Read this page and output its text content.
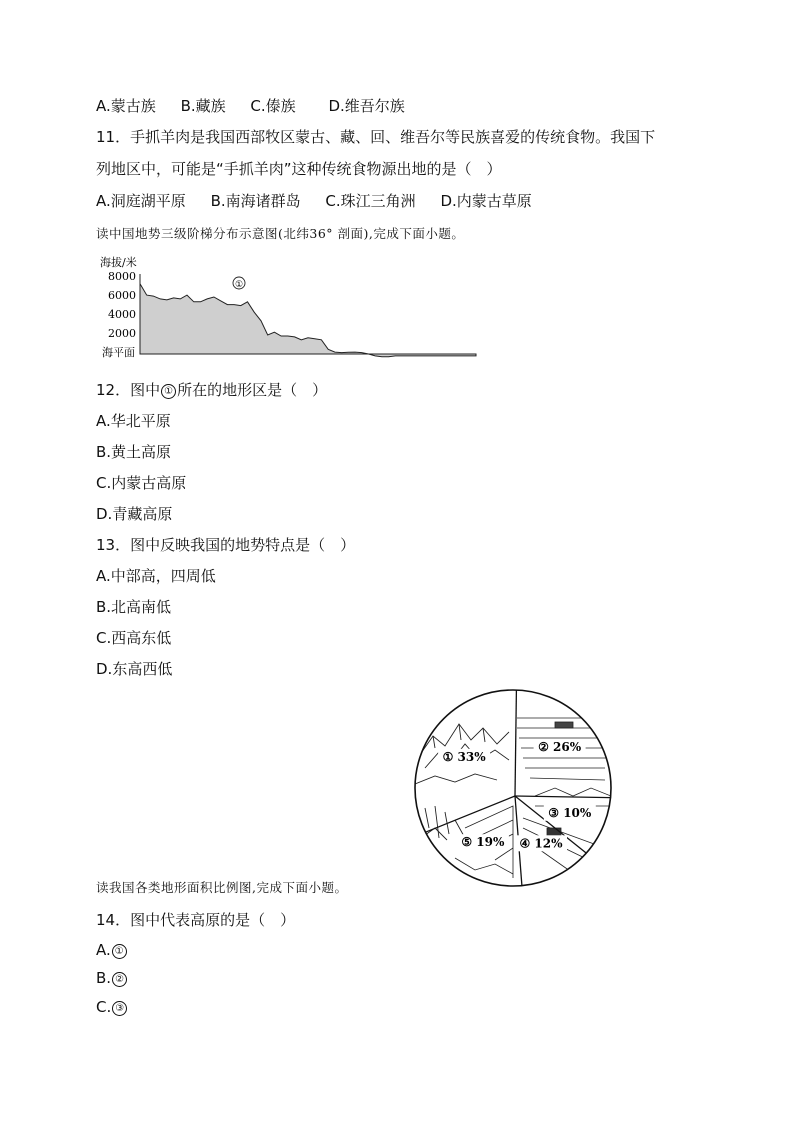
A.蒙古族 B.藏族 C.傣族 D.维吾尔族
11．手抓羊肉是我国西部牧区蒙古、藏、回、维吾尔等民族喜爱的传统食物。我国下
列地区中，可能是“手抓羊肉”这种传统食物源出地的是（　）
A.洞庭湖平原 B.南海诸群岛 C.珠江三角洲 D.内蒙古草原
读中国地势三级阶梯分布示意图(北纬36° 剖面),完成下面小题。
海拔/米
8000
6000
4000
2000
海平面
①
12．图中 ① 所在的地形区是（　）
A.华北平原
B.黄土高原
C.内蒙古高原
D.青藏高原
13．图中反映我国的地势特点是（　）
A.中部高，四周低
B.北高南低
C.西高东低
D.东高西低
② 26%
③ 10%
④ 12%
⑤ 19%
① 33%
读我国各类地形面积比例图,完成下面小题。
14．图中代表高原的是（　）
A. ①
B. ②
C. ③
